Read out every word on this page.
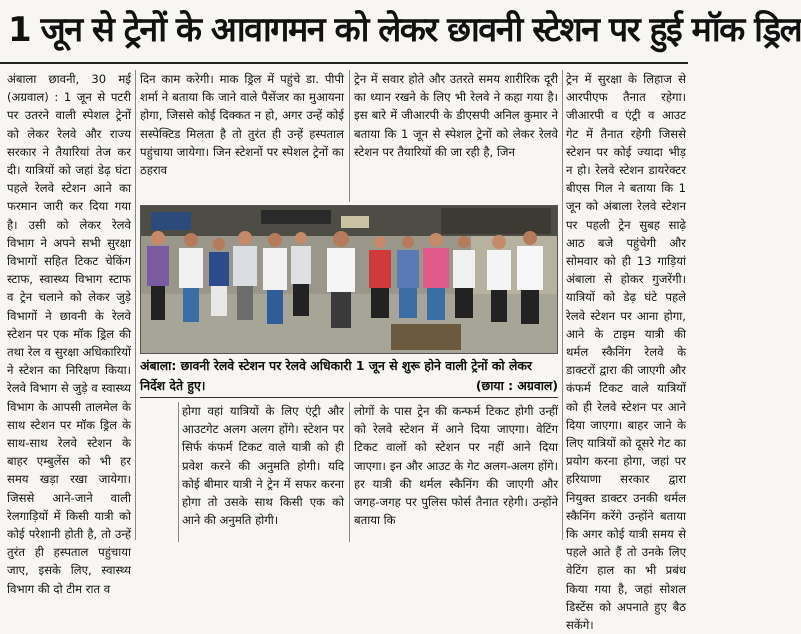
1 जून से ट्रेनों के आवागमन को लेकर छावनी स्टेशन पर हुई मॉक ड्रिल

अंबाला छावनी, 30 मई (अग्रवाल) : 1 जून से पटरी पर उतरने वाली स्पेशल ट्रेनों को लेकर रेलवे और राज्य सरकार ने तैयारियां तेज कर दी। यात्रियों को जहां डेढ़ घंटा पहले रेलवे स्टेशन आने का फरमान जारी कर दिया गया है। उसी को लेकर रेलवे विभाग ने अपने सभी सुरक्षा विभागों सहित टिकट चेकिंग स्टाफ, स्वास्थ्य विभाग स्टाफ व ट्रेन चलाने को लेकर जुड़े विभागों ने छावनी के रेलवे स्टेशन पर एक मॉक ड्रिल की तथा रेल व सुरक्षा अधिकारियों ने स्टेशन का निरिक्षण किया। रेलवे विभाग से जुड़े व स्वास्थ्य विभाग के आपसी तालमेल के साथ स्टेशन पर मॉक ड्रिल के साथ-साथ रेलवे स्टेशन के बाहर एम्बुलेंस को भी हर समय खड़ा रखा जायेगा। जिससे आने-जाने वाली रेलगाड़ियों में किसी यात्री को कोई परेशानी होती है, तो उन्हें तुरंत ही हस्पताल पहुंचाया जाए, इसके लिए, स्वास्थ्य विभाग की दो टीम रात व

दिन काम करेगी। माक ड्रिल में पहुंचे डा. पीपी शर्मा ने बताया कि जाने वाले पैसेंजर का मुआयना होगा, जिससे कोई दिक्कत न हो, अगर उन्हें कोई सस्पेक्टिड मिलता है तो तुरंत ही उन्हें हस्पताल पहुंचाया जायेगा। जिन स्टेशनों पर स्पेशल ट्रेनों का ठहराव

ट्रेन में सवार होते और उतरते समय शारीरिक दूरी का ध्यान रखने के लिए भी रेलवे ने कहा गया है। इस बारे में जीआरपी के डीएसपी अनिल कुमार ने बताया कि 1 जून से स्पेशल ट्रेनों को लेकर रेलवे स्टेशन पर तैयारियों की जा रही है, जिन

ट्रेन में सुरक्षा के लिहाज से आरपीएफ तैनात रहेगा। जीआरपी व एंट्री व आउट गेट में तैनात रहेगी जिससे स्टेशन पर कोई ज्यादा भीड़ न हो। रेलवे स्टेशन डायरेक्टर बीएस गिल ने बताया कि 1 जून को अंबाला रेलवे स्टेशन पर पहली ट्रेन सुबह साढ़े आठ बजे पहुंचेगी और सोमवार को ही 13 गाड़ियां अंबाला से होकर गुजरेंगी। यात्रियों को डेढ़ घंटे पहले रेलवे स्टेशन पर आना होगा, आने के टाइम यात्री की थर्मल स्कैनिंग रेलवे के डाक्टरों द्वारा की जाएगी और कंफर्म टिकट वाले यात्रियों को ही रेलवे स्टेशन पर आने दिया जाएगा। बाहर जाने के लिए यात्रियों को दूसरे गेट का प्रयोग करना होगा, जहां पर हरियाणा सरकार द्वारा नियुक्त डाक्टर उनकी थर्मल स्कैनिंग करेंगे उन्होंने बताया कि अगर कोई यात्री समय से पहले आते हैं तो उनके लिए वेटिंग हाल का भी प्रबंध किया गया है, जहां सोशल डिस्टेंस को अपनाते हुए बैठ सकेंगे।

अंबाला: छावनी रेलवे स्टेशन पर रेलवे अधिकारी 1 जून से शुरू होने वाली ट्रेनों को लेकर निर्देश देते हुए।	(छाया : अग्रवाल)

होगा वहां यात्रियों के लिए एंट्री और आउटगेट अलग अलग होंगे। स्टेशन पर सिर्फ कंफर्म टिकट वाले यात्री को ही प्रवेश करने की अनुमति होगी। यदि कोई बीमार यात्री ने ट्रेन में सफर करना होगा तो उसके साथ किसी एक को आने की अनुमति होगी।

लोगों के पास ट्रेन की कन्फर्म टिकट होगी उन्हीं को रेलवे स्टेशन में आने दिया जाएगा। वेटिंग टिकट वालों को स्टेशन पर नहीं आने दिया जाएगा। इन और आउट के गेट अलग-अलग होंगे। हर यात्री की थर्मल स्कैनिंग की जाएगी और जगह-जगह पर पुलिस फोर्स तैनात रहेगी। उन्होंने बताया कि
